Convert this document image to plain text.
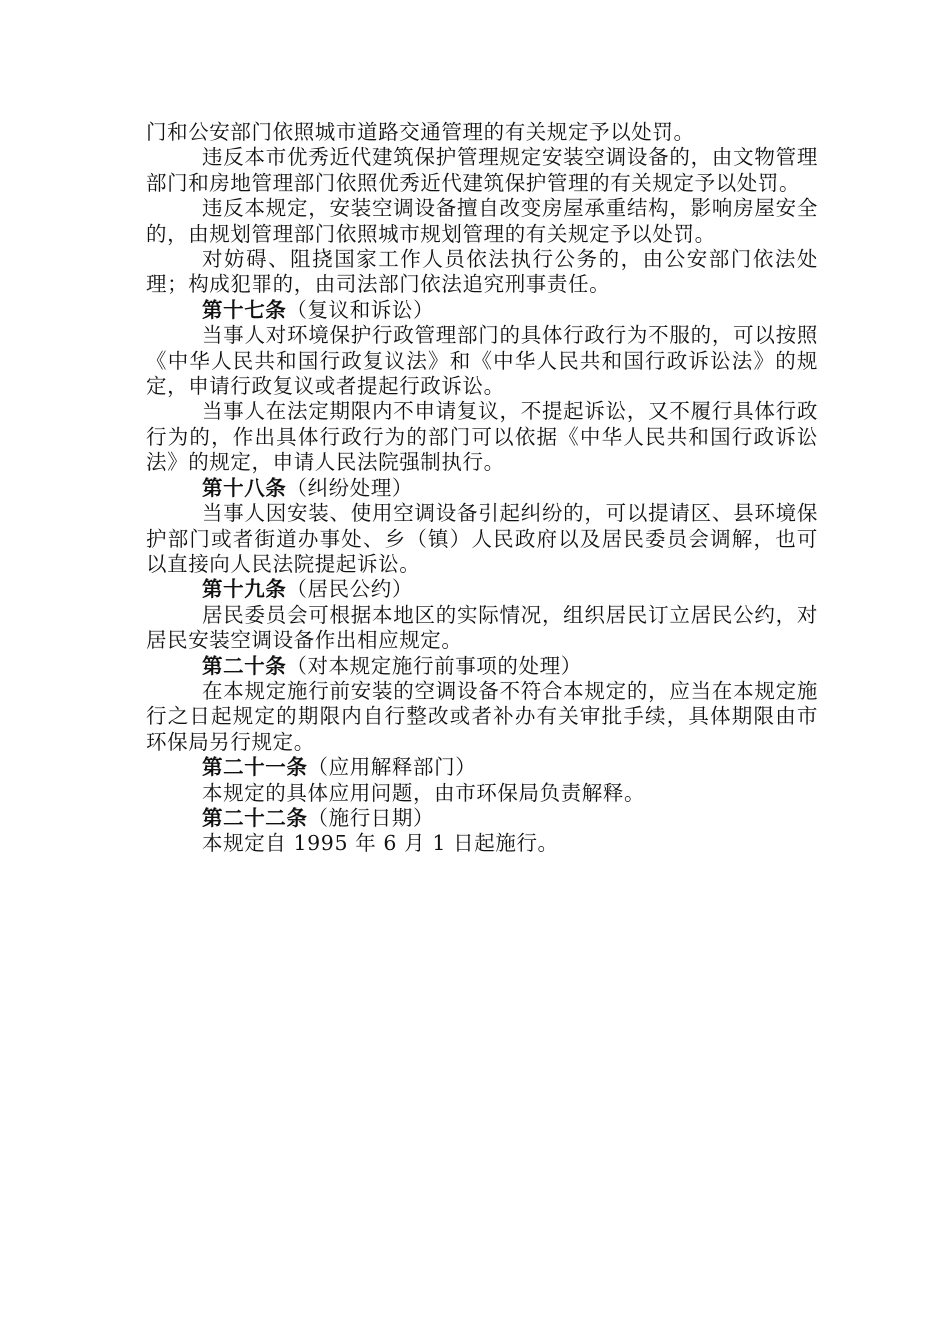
门和公安部门依照城市道路交通管理的有关规定予以处罚。

违反本市优秀近代建筑保护管理规定安装空调设备的，由文物管理部门和房地管理部门依照优秀近代建筑保护管理的有关规定予以处罚。

违反本规定，安装空调设备擅自改变房屋承重结构，影响房屋安全的，由规划管理部门依照城市规划管理的有关规定予以处罚。

对妨碍、阻挠国家工作人员依法执行公务的，由公安部门依法处理；构成犯罪的，由司法部门依法追究刑事责任。

第十七条（复议和诉讼）

当事人对环境保护行政管理部门的具体行政行为不服的，可以按照《中华人民共和国行政复议法》和《中华人民共和国行政诉讼法》的规定，申请行政复议或者提起行政诉讼。

当事人在法定期限内不申请复议，不提起诉讼，又不履行具体行政行为的，作出具体行政行为的部门可以依据《中华人民共和国行政诉讼法》的规定，申请人民法院强制执行。

第十八条（纠纷处理）

当事人因安装、使用空调设备引起纠纷的，可以提请区、县环境保护部门或者街道办事处、乡（镇）人民政府以及居民委员会调解，也可以直接向人民法院提起诉讼。

第十九条（居民公约）

居民委员会可根据本地区的实际情况，组织居民订立居民公约，对居民安装空调设备作出相应规定。

第二十条（对本规定施行前事项的处理）

在本规定施行前安装的空调设备不符合本规定的，应当在本规定施行之日起规定的期限内自行整改或者补办有关审批手续，具体期限由市环保局另行规定。

第二十一条（应用解释部门）

本规定的具体应用问题，由市环保局负责解释。

第二十二条（施行日期）

本规定自 1995 年 6 月 1 日起施行。
